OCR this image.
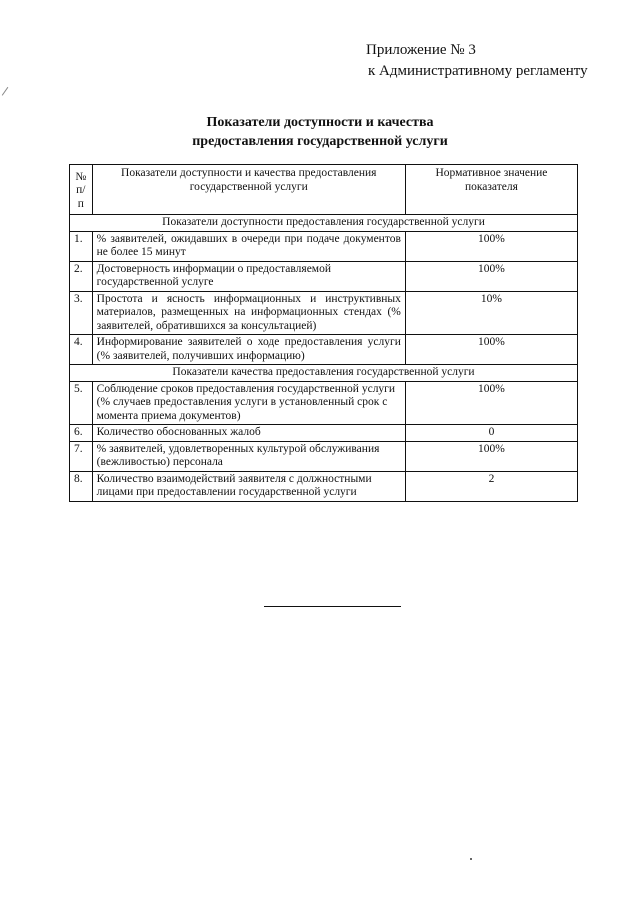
Приложение № 3
к Административному регламенту
Показатели доступности и качества
предоставления государственной услуги
№ п/п	Показатели доступности и качества предоставления государственной услуги	Нормативное значение показателя
Показатели доступности предоставления государственной услуги		
1.	% заявителей, ожидавших в очереди при подаче документов не более 15 минут	100%
2.	Достоверность информации о предоставляемой государственной услуге	100%
3.	Простота и ясность информационных и инструктивных материалов, размещенных на информационных стендах (% заявителей, обратившихся за консультацией)	10%
4.	Информирование заявителей о ходе предоставления услуги (% заявителей, получивших информацию)	100%
Показатели качества предоставления государственной услуги		
5.	Соблюдение сроков предоставления государственной услуги (% случаев предоставления услуги в установленный срок с момента приема документов)	100%
6.	Количество обоснованных жалоб	0
7.	% заявителей, удовлетворенных культурой обслуживания (вежливостью) персонала	100%
8.	Количество взаимодействий заявителя с должностными лицами при предоставлении государственной услуги	2
